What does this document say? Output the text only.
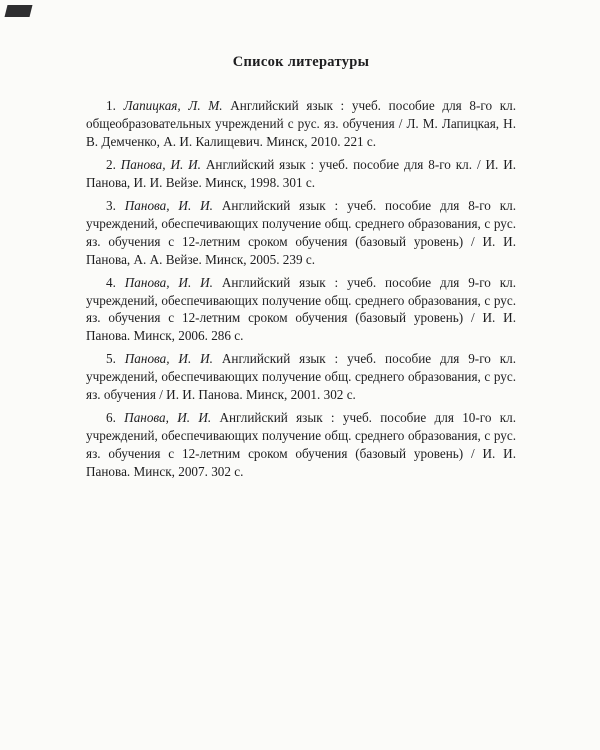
Список литературы

1. Лапицкая, Л. М. Английский язык : учеб. пособие для 8-го кл. общеобразовательных учреждений с рус. яз. обучения / Л. М. Лапицкая, Н. В. Демченко, А. И. Калищевич. Минск, 2010. 221 с.

2. Панова, И. И. Английский язык : учеб. пособие для 8-го кл. / И. И. Панова, И. И. Вейзе. Минск, 1998. 301 с.

3. Панова, И. И. Английский язык : учеб. пособие для 8-го кл. учреждений, обеспечивающих получение общ. среднего образования, с рус. яз. обучения с 12-летним сроком обучения (базовый уровень) / И. И. Панова, А. А. Вейзе. Минск, 2005. 239 с.

4. Панова, И. И. Английский язык : учеб. пособие для 9-го кл. учреждений, обеспечивающих получение общ. среднего образования, с рус. яз. обучения с 12-летним сроком обучения (базовый уровень) / И. И. Панова. Минск, 2006. 286 с.

5. Панова, И. И. Английский язык : учеб. пособие для 9-го кл. учреждений, обеспечивающих получение общ. среднего образования, с рус. яз. обучения / И. И. Панова. Минск, 2001. 302 с.

6. Панова, И. И. Английский язык : учеб. пособие для 10-го кл. учреждений, обеспечивающих получение общ. среднего образования, с рус. яз. обучения с 12-летним сроком обучения (базовый уровень) / И. И. Панова. Минск, 2007. 302 с.
